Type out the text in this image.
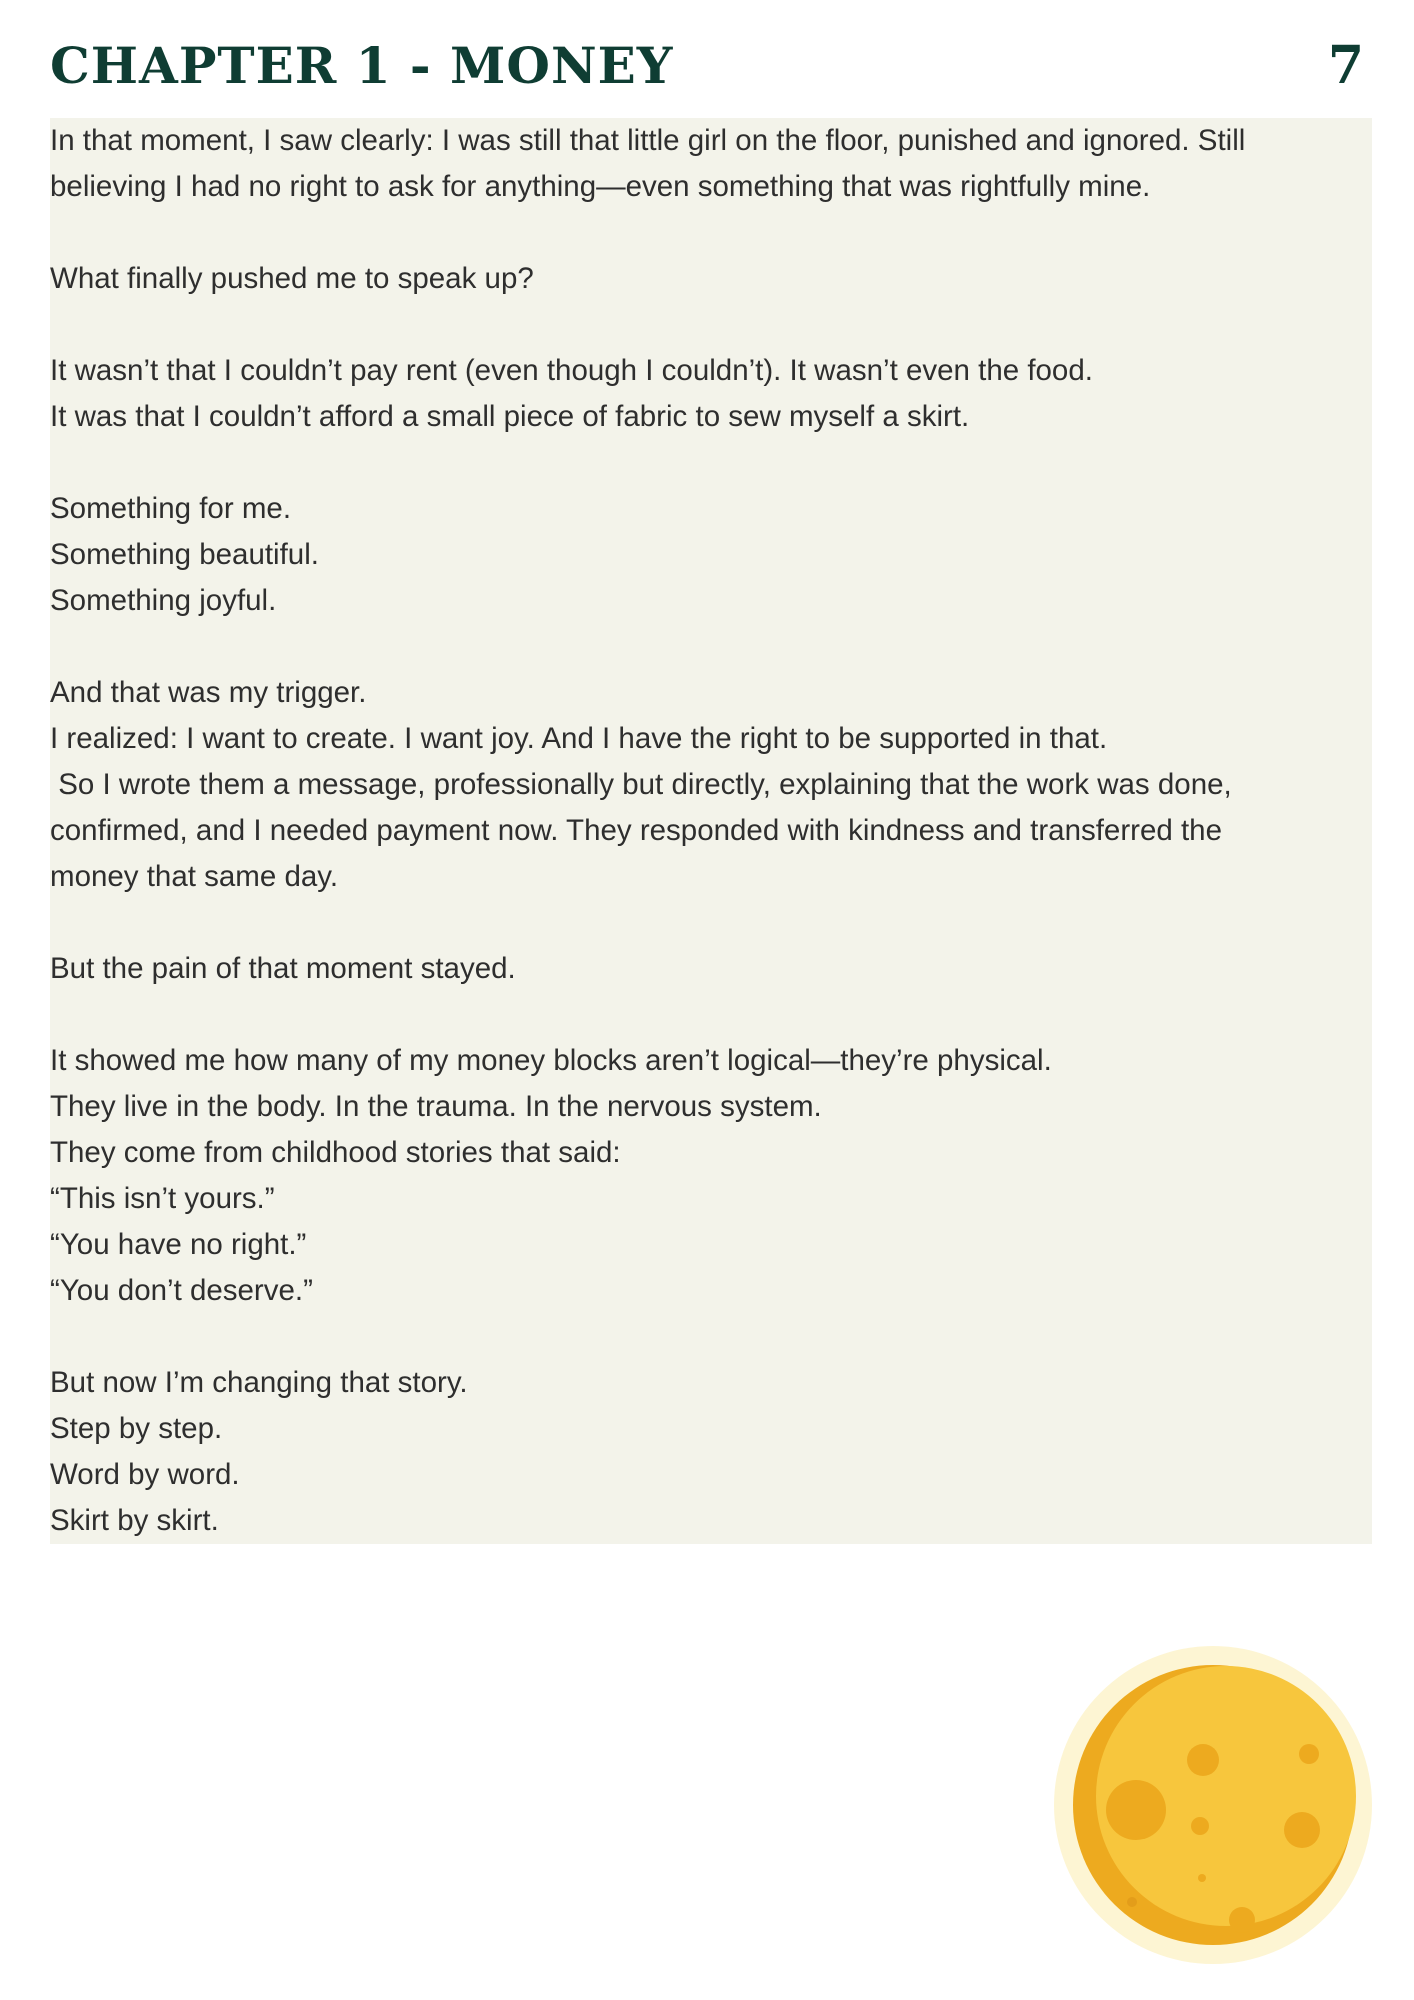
CHAPTER 1 - MONEY	7

In that moment, I saw clearly: I was still that little girl on the floor, punished and ignored. Still

believing I had no right to ask for anything—even something that was rightfully mine.

What finally pushed me to speak up?

It wasn’t that I couldn’t pay rent (even though I couldn’t). It wasn’t even the food.

It was that I couldn’t afford a small piece of fabric to sew myself a skirt.

Something for me.

Something beautiful.

Something joyful.

And that was my trigger.

I realized: I want to create. I want joy. And I have the right to be supported in that.

So I wrote them a message, professionally but directly, explaining that the work was done,

confirmed, and I needed payment now. They responded with kindness and transferred the

money that same day.

But the pain of that moment stayed.

It showed me how many of my money blocks aren’t logical—they’re physical.

They live in the body. In the trauma. In the nervous system.

They come from childhood stories that said:

“This isn’t yours.”

“You have no right.”

“You don’t deserve.”

But now I’m changing that story.

Step by step.

Word by word.

Skirt by skirt.
